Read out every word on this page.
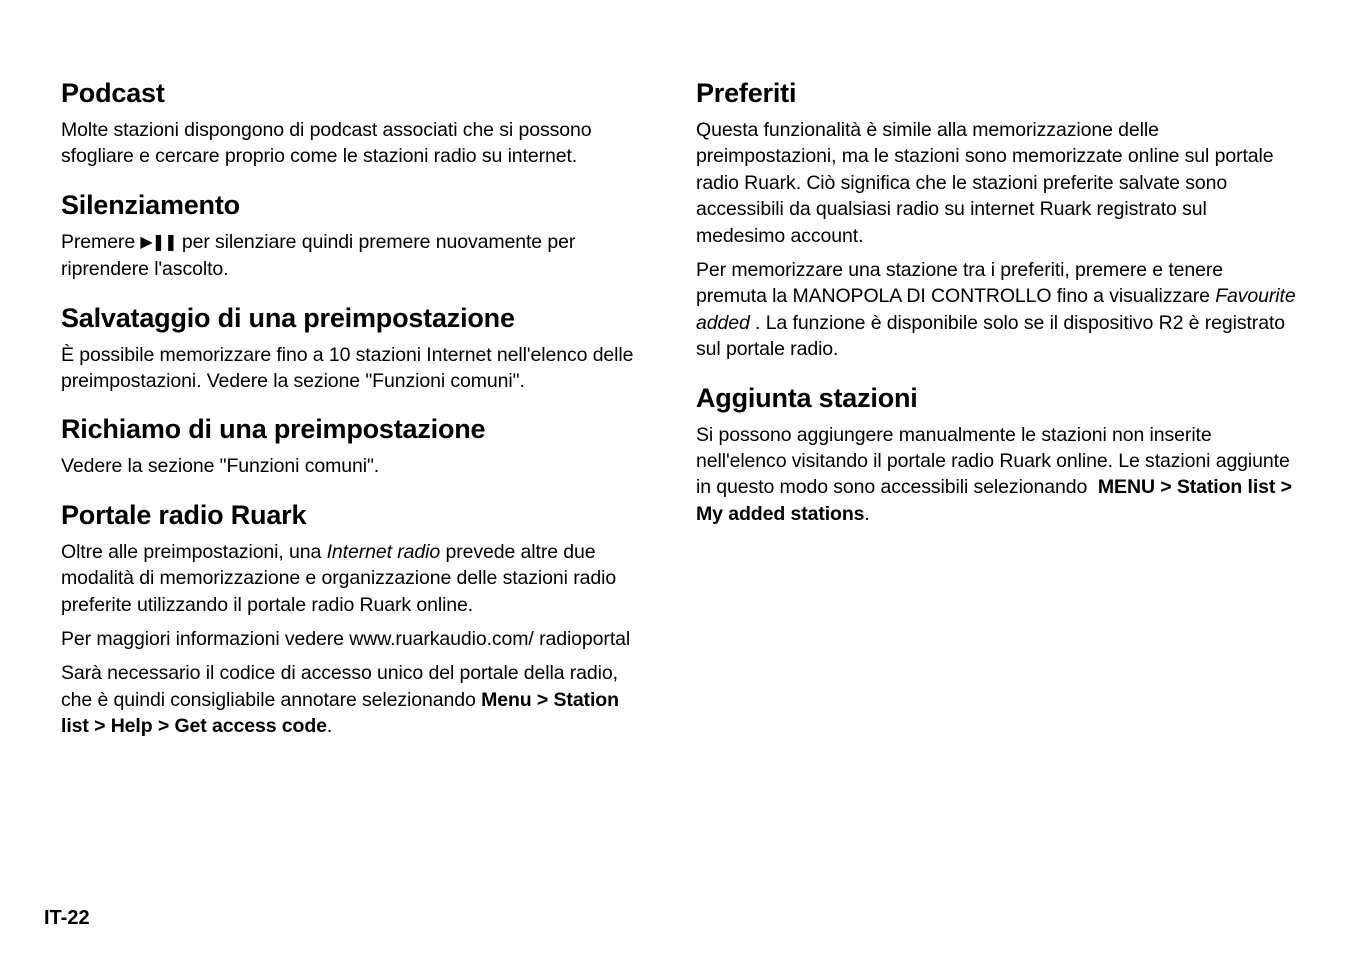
Podcast

Molte stazioni dispongono di podcast associati che si possono sfogliare e cercare proprio come le stazioni radio su internet.

Silenziamento

Premere ▶❚❚ per silenziare quindi premere nuovamente per riprendere l'ascolto.

Salvataggio di una preimpostazione

È possibile memorizzare fino a 10 stazioni Internet nell'elenco delle preimpostazioni. Vedere la sezione "Funzioni comuni".

Richiamo di una preimpostazione

Vedere la sezione "Funzioni comuni".

Portale radio Ruark

Oltre alle preimpostazioni, una Internet radio prevede altre due modalità di memorizzazione e organizzazione delle stazioni radio preferite utilizzando il portale radio Ruark online.

Per maggiori informazioni vedere www.ruarkaudio.com/ radioportal

Sarà necessario il codice di accesso unico del portale della radio, che è quindi consigliabile annotare selezionando Menu > Station list > Help > Get access code.

Preferiti

Questa funzionalità è simile alla memorizzazione delle preimpostazioni, ma le stazioni sono memorizzate online sul portale radio Ruark. Ciò significa che le stazioni preferite salvate sono accessibili da qualsiasi radio su internet Ruark registrato sul medesimo account.

Per memorizzare una stazione tra i preferiti, premere e tenere premuta la MANOPOLA DI CONTROLLO fino a visualizzare Favourite added . La funzione è disponibile solo se il dispositivo R2 è registrato sul portale radio.

Aggiunta stazioni

Si possono aggiungere manualmente le stazioni non inserite nell'elenco visitando il portale radio Ruark online. Le stazioni aggiunte in questo modo sono accessibili selezionando  MENU > Station list > My added stations.

IT-22
